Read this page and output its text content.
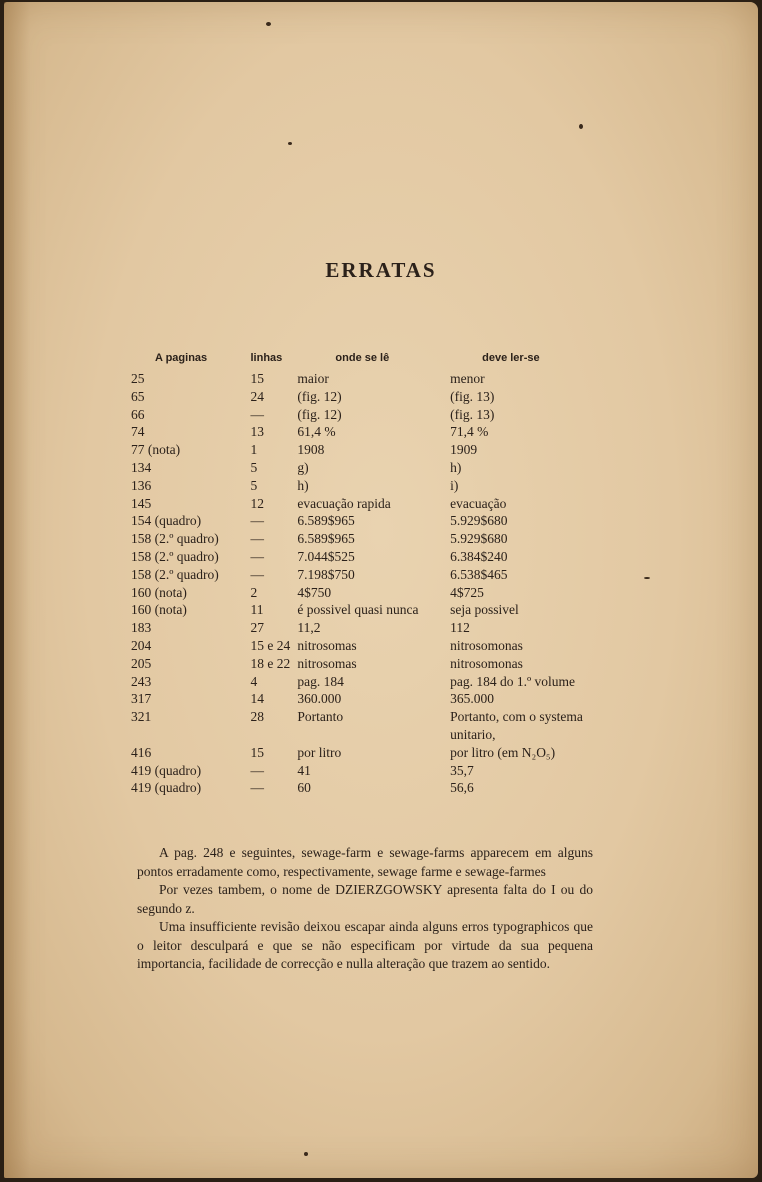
ERRATAS
A paginas	linhas	onde se lê	deve ler-se
25	15	maior	menor
65	24	(fig. 12)	(fig. 13)
66	—	(fig. 12)	(fig. 13)
74	13	61,4 %	71,4 %
77 (nota)	1	1908	1909
134	5	g)	h)
136	5	h)	i)
145	12	evacuação rapida	evacuação
154 (quadro)	—	6.589$965	5.929$680
158 (2.º quadro)	—	6.589$965	5.929$680
158 (2.º quadro)	—	7.044$525	6.384$240
158 (2.º quadro)	—	7.198$750	6.538$465
160 (nota)	2	4$750	4$725
160 (nota)	11	é possivel quasi nunca	seja possivel
183	27	11,2	112
204	15 e 24	nitrosomas	nitrosomonas
205	18 e 22	nitrosomas	nitrosomonas
243	4	pag. 184	pag. 184 do 1.º volume
317	14	360.000	365.000
321	28	Portanto	Portanto, com o systema unitario,
416	15	por litro	por litro (em N₂O₅)
419 (quadro)	—	41	35,7
419 (quadro)	—	60	56,6

A pag. 248 e seguintes, sewage-farm e sewage-farms apparecem em alguns pontos erradamente como, respectivamente, sewage farme e sewage-farmes

Por vezes tambem, o nome de DZIERZGOWSKY apresenta falta do I ou do segundo z.

Uma insufficiente revisão deixou escapar ainda alguns erros typographicos que o leitor desculpará e que se não especificam por virtude da sua pequena importancia, facilidade de correcção e nulla alteração que trazem ao sentido.
